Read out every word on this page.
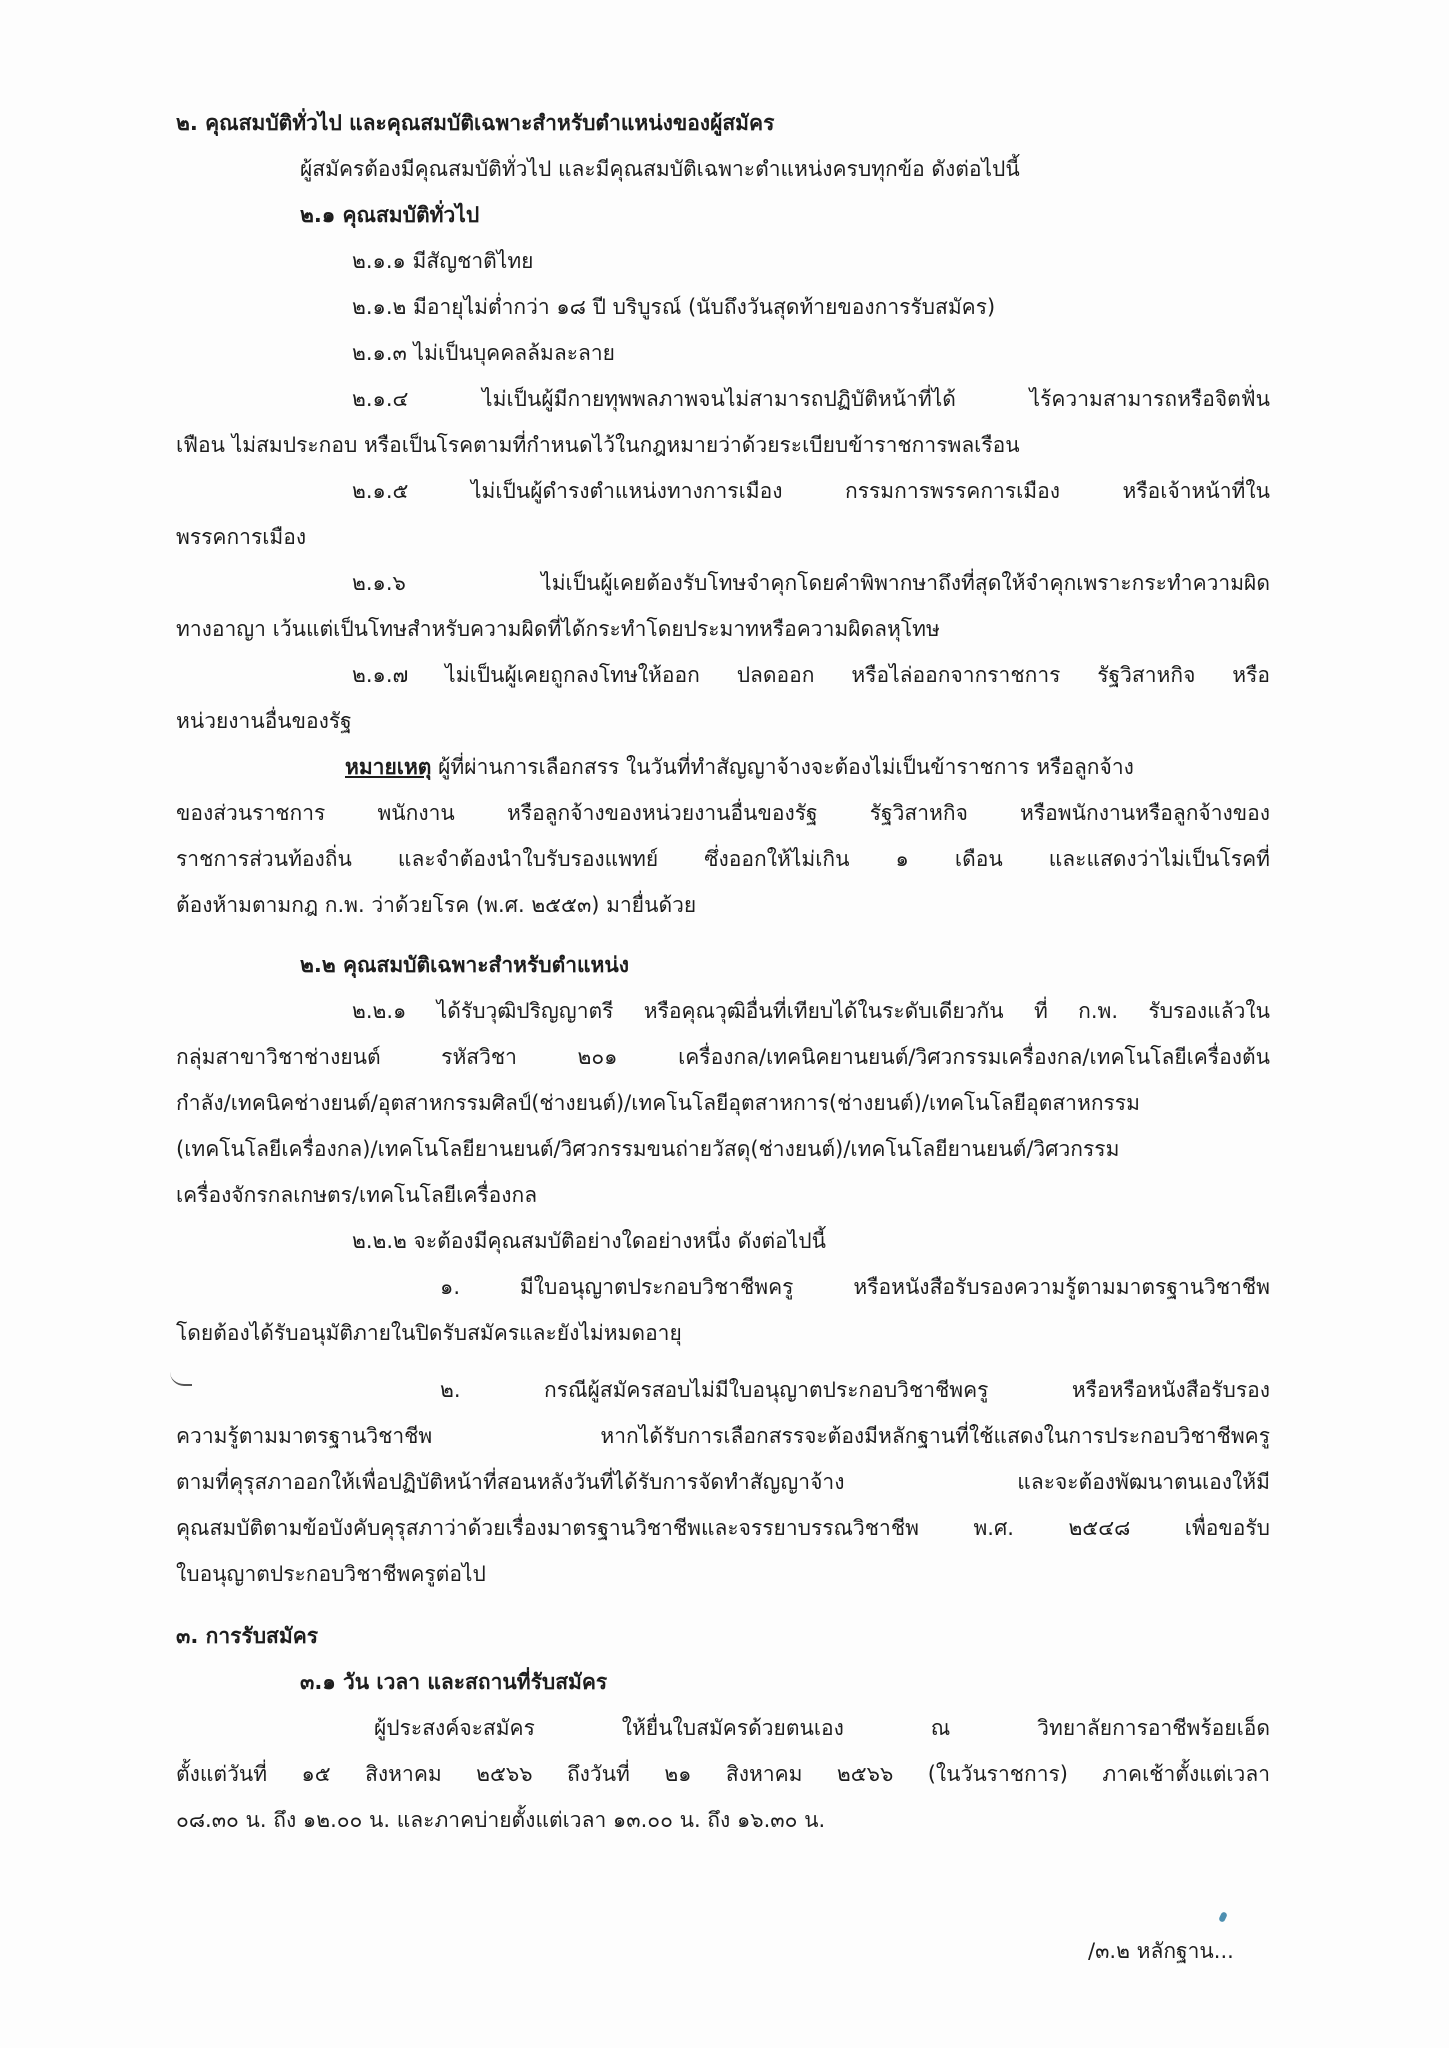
๒. คุณสมบัติทั่วไป และคุณสมบัติเฉพาะสำหรับตำแหน่งของผู้สมัคร
ผู้สมัครต้องมีคุณสมบัติทั่วไป และมีคุณสมบัติเฉพาะตำแหน่งครบทุกข้อ ดังต่อไปนี้
๒.๑ คุณสมบัติทั่วไป
๒.๑.๑ มีสัญชาติไทย
๒.๑.๒ มีอายุไม่ต่ำกว่า ๑๘ ปี บริบูรณ์ (นับถึงวันสุดท้ายของการรับสมัคร)
๒.๑.๓ ไม่เป็นบุคคลล้มละลาย
๒.๑.๔ ไม่เป็นผู้มีกายทุพพลภาพจนไม่สามารถปฏิบัติหน้าที่ได้ ไร้ความสามารถหรือจิตฟั่น
เฟือน ไม่สมประกอบ หรือเป็นโรคตามที่กำหนดไว้ในกฎหมายว่าด้วยระเบียบข้าราชการพลเรือน
๒.๑.๕ ไม่เป็นผู้ดำรงตำแหน่งทางการเมือง กรรมการพรรคการเมือง หรือเจ้าหน้าที่ใน
พรรคการเมือง
๒.๑.๖ ไม่เป็นผู้เคยต้องรับโทษจำคุกโดยคำพิพากษาถึงที่สุดให้จำคุกเพราะกระทำความผิด
ทางอาญา เว้นแต่เป็นโทษสำหรับความผิดที่ได้กระทำโดยประมาทหรือความผิดลหุโทษ
๒.๑.๗ ไม่เป็นผู้เคยถูกลงโทษให้ออก ปลดออก หรือไล่ออกจากราชการ รัฐวิสาหกิจ หรือ
หน่วยงานอื่นของรัฐ
หมายเหตุ ผู้ที่ผ่านการเลือกสรร ในวันที่ทำสัญญาจ้างจะต้องไม่เป็นข้าราชการ หรือลูกจ้าง
ของส่วนราชการ พนักงาน หรือลูกจ้างของหน่วยงานอื่นของรัฐ รัฐวิสาหกิจ หรือพนักงานหรือลูกจ้างของ
ราชการส่วนท้องถิ่น และจำต้องนำใบรับรองแพทย์ ซึ่งออกให้ไม่เกิน ๑ เดือน และแสดงว่าไม่เป็นโรคที่
ต้องห้ามตามกฎ ก.พ. ว่าด้วยโรค (พ.ศ. ๒๕๕๓) มายื่นด้วย
๒.๒ คุณสมบัติเฉพาะสำหรับตำแหน่ง
๒.๒.๑ ได้รับวุฒิปริญญาตรี หรือคุณวุฒิอื่นที่เทียบได้ในระดับเดียวกัน ที่ ก.พ. รับรองแล้วใน
กลุ่มสาขาวิชาช่างยนต์ รหัสวิชา ๒๐๑ เครื่องกล/เทคนิคยานยนต์/วิศวกรรมเครื่องกล/เทคโนโลยีเครื่องต้น
กำลัง/เทคนิคช่างยนต์/อุตสาหกรรมศิลป์(ช่างยนต์)/เทคโนโลยีอุตสาหการ(ช่างยนต์)/เทคโนโลยีอุตสาหกรรม
(เทคโนโลยีเครื่องกล)/เทคโนโลยียานยนต์/วิศวกรรมขนถ่ายวัสดุ(ช่างยนต์)/เทคโนโลยียานยนต์/วิศวกรรม
เครื่องจักรกลเกษตร/เทคโนโลยีเครื่องกล
๒.๒.๒ จะต้องมีคุณสมบัติอย่างใดอย่างหนึ่ง ดังต่อไปนี้
๑. มีใบอนุญาตประกอบวิชาชีพครู หรือหนังสือรับรองความรู้ตามมาตรฐานวิชาชีพ
โดยต้องได้รับอนุมัติภายในปิดรับสมัครและยังไม่หมดอายุ
๒. กรณีผู้สมัครสอบไม่มีใบอนุญาตประกอบวิชาชีพครู หรือหรือหนังสือรับรอง
ความรู้ตามมาตรฐานวิชาชีพ หากได้รับการเลือกสรรจะต้องมีหลักฐานที่ใช้แสดงในการประกอบวิชาชีพครู
ตามที่คุรุสภาออกให้เพื่อปฏิบัติหน้าที่สอนหลังวันที่ได้รับการจัดทำสัญญาจ้าง และจะต้องพัฒนาตนเองให้มี
คุณสมบัติตามข้อบังคับคุรุสภาว่าด้วยเรื่องมาตรฐานวิชาชีพและจรรยาบรรณวิชาชีพ พ.ศ. ๒๕๔๘ เพื่อขอรับ
ใบอนุญาตประกอบวิชาชีพครูต่อไป
๓. การรับสมัคร
๓.๑ วัน เวลา และสถานที่รับสมัคร
ผู้ประสงค์จะสมัคร ให้ยื่นใบสมัครด้วยตนเอง ณ วิทยาลัยการอาชีพร้อยเอ็ด
ตั้งแต่วันที่ ๑๕ สิงหาคม ๒๕๖๖ ถึงวันที่ ๒๑ สิงหาคม ๒๕๖๖ (ในวันราชการ) ภาคเช้าตั้งแต่เวลา
๐๘.๓๐ น. ถึง ๑๒.๐๐ น. และภาคบ่ายตั้งแต่เวลา ๑๓.๐๐ น. ถึง ๑๖.๓๐ น.
/๓.๒ หลักฐาน...
